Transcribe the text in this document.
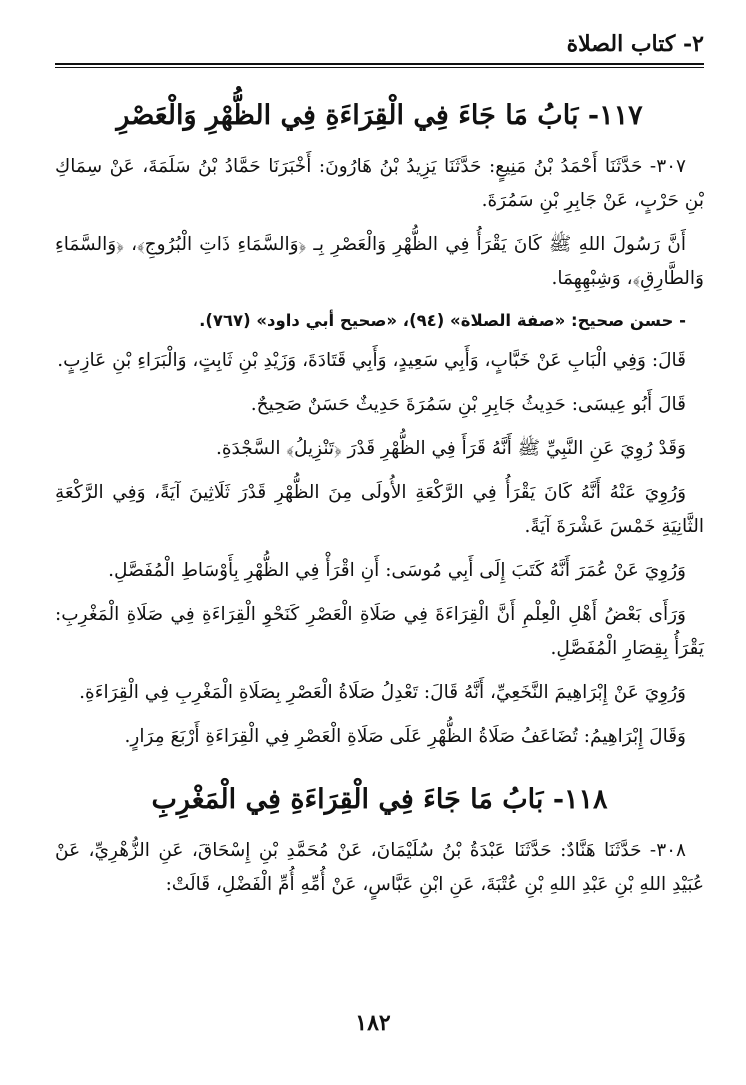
٢- كتاب الصلاة
١١٧- بَابُ مَا جَاءَ فِي الْقِرَاءَةِ فِي الظُّهْرِ وَالْعَصْرِ

٣٠٧- حَدَّثَنَا أَحْمَدُ بْنُ مَنِيعٍ: حَدَّثَنَا يَزِيدُ بْنُ هَارُونَ: أَخْبَرَنَا حَمَّادُ بْنُ سَلَمَةَ، عَنْ سِمَاكِ بْنِ حَرْبٍ، عَنْ جَابِرِ بْنِ سَمُرَةَ.

أَنَّ رَسُولَ اللهِ ﷺ كَانَ يَقْرَأُ فِي الظُّهْرِ وَالْعَصْرِ بِـ ﴿وَالسَّمَاءِ ذَاتِ الْبُرُوجِ﴾، ﴿وَالسَّمَاءِ وَالطَّارِقِ﴾، وَشِبْهِهِمَا.

- حسن صحيح: «صفة الصلاة» (٩٤)، «صحيح أبي داود» (٧٦٧).

قَالَ: وَفِي الْبَابِ عَنْ خَبَّابٍ، وَأَبِي سَعِيدٍ، وَأَبِي قَتَادَةَ، وَزَيْدِ بْنِ ثَابِتٍ، وَالْبَرَاءِ بْنِ عَازِبٍ.

قَالَ أَبُو عِيسَى: حَدِيثُ جَابِرِ بْنِ سَمُرَةَ حَدِيثٌ حَسَنٌ صَحِيحٌ.

وَقَدْ رُوِيَ عَنِ النَّبِيِّ ﷺ أَنَّهُ قَرَأَ فِي الظُّهْرِ قَدْرَ ﴿تَنْزِيلُ﴾ السَّجْدَةِ.

وَرُوِيَ عَنْهُ أَنَّهُ كَانَ يَقْرَأُ فِي الرَّكْعَةِ الأُولَى مِنَ الظُّهْرِ قَدْرَ ثَلَاثِينَ آيَةً، وَفِي الرَّكْعَةِ الثَّانِيَةِ خَمْسَ عَشْرَةَ آيَةً.

وَرُوِيَ عَنْ عُمَرَ أَنَّهُ كَتَبَ إِلَى أَبِي مُوسَى: أَنِ اقْرَأْ فِي الظُّهْرِ بِأَوْسَاطِ الْمُفَصَّلِ.

وَرَأَى بَعْضُ أَهْلِ الْعِلْمِ أَنَّ الْقِرَاءَةَ فِي صَلَاةِ الْعَصْرِ كَنَحْوِ الْقِرَاءَةِ فِي صَلَاةِ الْمَغْرِبِ: يَقْرَأُ بِقِصَارِ الْمُفَصَّلِ.

وَرُوِيَ عَنْ إِبْرَاهِيمَ النَّخَعِيِّ، أَنَّهُ قَالَ: تَعْدِلُ صَلَاةُ الْعَصْرِ بِصَلَاةِ الْمَغْرِبِ فِي الْقِرَاءَةِ.

وَقَالَ إِبْرَاهِيمُ: تُضَاعَفُ صَلَاةُ الظُّهْرِ عَلَى صَلَاةِ الْعَصْرِ فِي الْقِرَاءَةِ أَرْبَعَ مِرَارٍ.

١١٨- بَابُ مَا جَاءَ فِي الْقِرَاءَةِ فِي الْمَغْرِبِ

٣٠٨- حَدَّثَنَا هَنَّادٌ: حَدَّثَنَا عَبْدَةُ بْنُ سُلَيْمَانَ، عَنْ مُحَمَّدِ بْنِ إِسْحَاقَ، عَنِ الزُّهْرِيِّ، عَنْ عُبَيْدِ اللهِ بْنِ عَبْدِ اللهِ بْنِ عُتْبَةَ، عَنِ ابْنِ عَبَّاسٍ، عَنْ أُمِّهِ أُمِّ الْفَضْلِ، قَالَتْ:

١٨٢
